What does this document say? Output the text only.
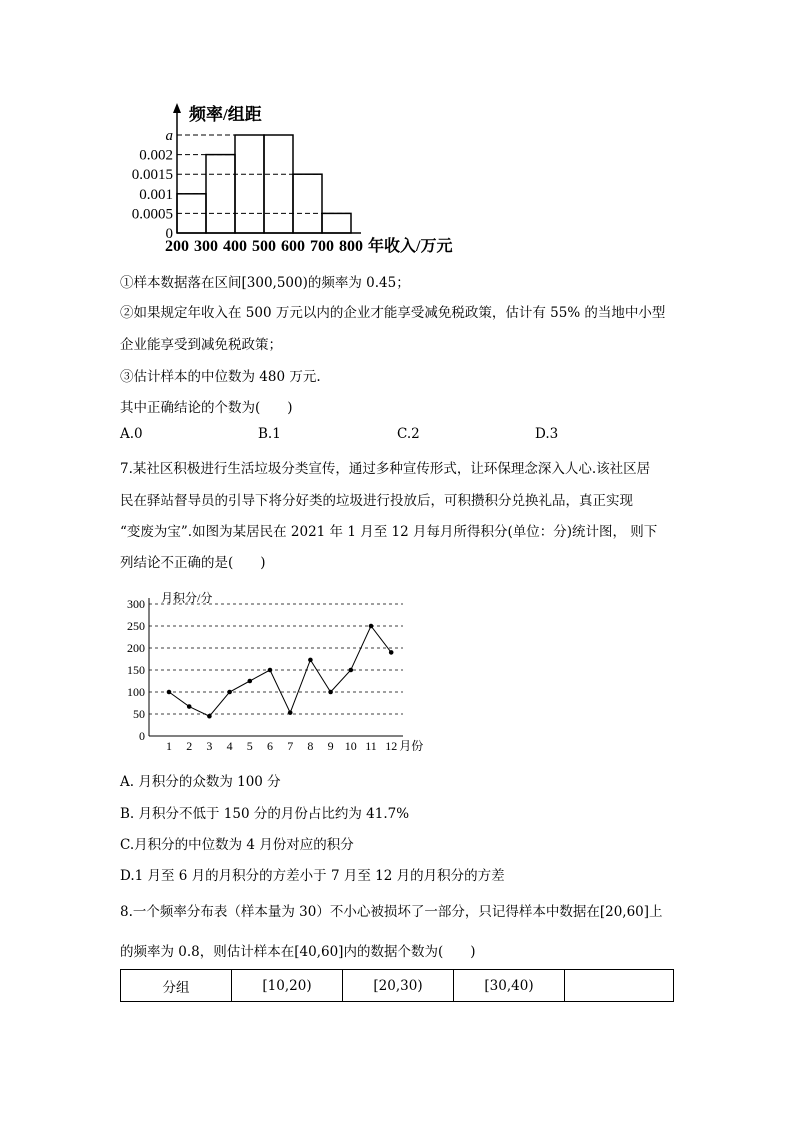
频率/组距
a
0.002
0.0015
0.001
0.0005
0
200 300 400 500 600 700 800 年收入/万元
①样本数据落在区间[300,500)的频率为 0.45；
②如果规定年收入在 500 万元以内的企业才能享受减免税政策，估计有 55% 的当地中小型
企业能享受到减免税政策；
③估计样本的中位数为 480 万元.
其中正确结论的个数为(　　)
A.0	B.1	C.2	D.3
7.某社区积极进行生活垃圾分类宣传，通过多种宣传形式，让环保理念深入人心.该社区居
民在驿站督导员的引导下将分好类的垃圾进行投放后，可积攒积分兑换礼品，真正实现
“变废为宝”.如图为某居民在 2021 年 1 月至 12 月每月所得积分(单位：分)统计图， 则下
列结论不正确的是(　　)
0
50
100
150
200
250
300 月积分/分
1 2 3 4 5 6 7 8 9 10 11 12 月份
A. 月积分的众数为 100 分
B. 月积分不低于 150 分的月份占比约为 41.7%
C.月积分的中位数为 4 月份对应的积分
D.1 月至 6 月的月积分的方差小于 7 月至 12 月的月积分的方差
8.一个频率分布表（样本量为 30）不小心被损坏了一部分，只记得样本中数据在[20,60]上
的频率为 0.8，则估计样本在[40,60]内的数据个数为(　　)
分组	[10,20)	[20,30)	[30,40)	
